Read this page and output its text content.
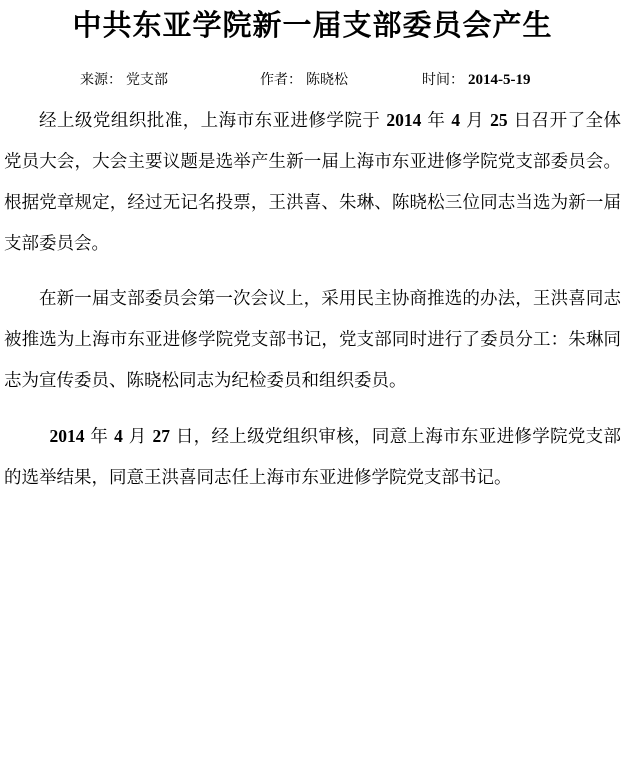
中共东亚学院新一届支部委员会产生
来源： 党支部	作者： 陈晓松	时间： 2014-5-19

经上级党组织批准，上海市东亚进修学院于 2014 年 4 月 25 日召开了全体党员大会，大会主要议题是选举产生新一届上海市东亚进修学院党支部委员会。根据党章规定，经过无记名投票，王洪喜、朱琳、陈晓松三位同志当选为新一届支部委员会。

在新一届支部委员会第一次会议上，采用民主协商推选的办法，王洪喜同志被推选为上海市东亚进修学院党支部书记，党支部同时进行了委员分工：朱琳同志为宣传委员、陈晓松同志为纪检委员和组织委员。

2014 年 4 月 27 日，经上级党组织审核，同意上海市东亚进修学院党支部的选举结果，同意王洪喜同志任上海市东亚进修学院党支部书记。
